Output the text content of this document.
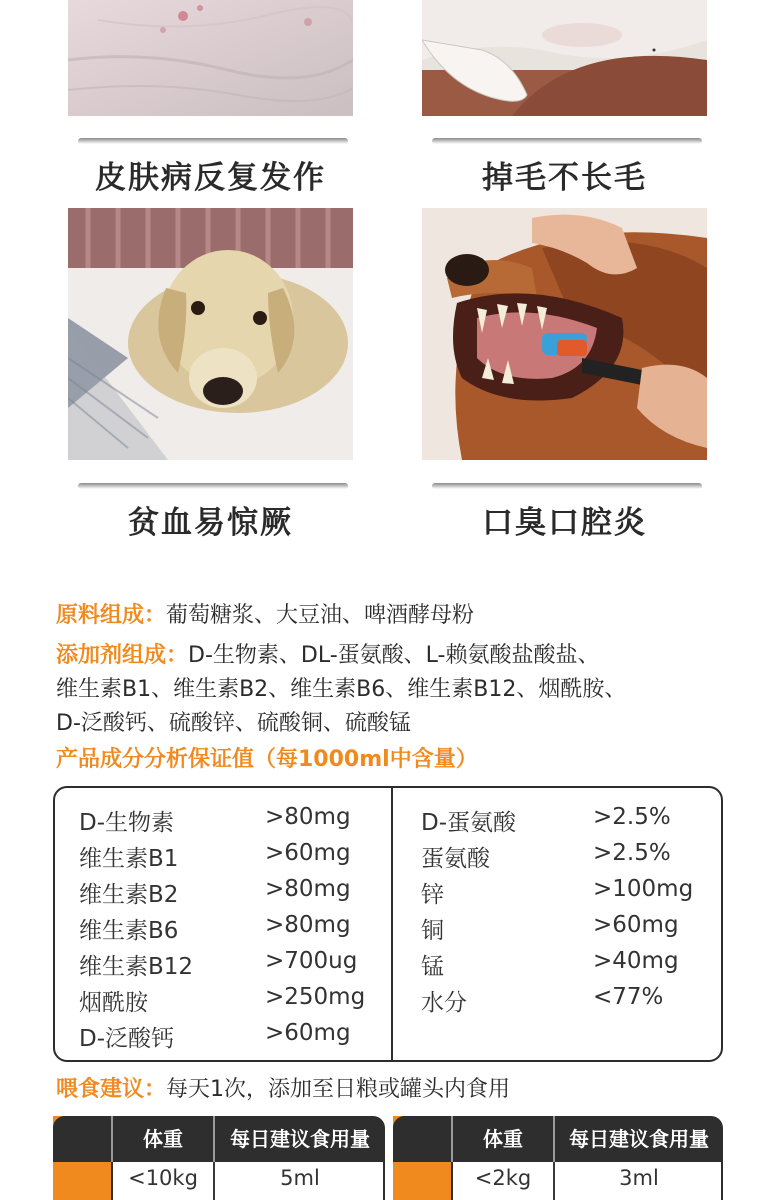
皮肤病反复发作	掉毛不长毛
贫血易惊厥	口臭口腔炎
原料组成：葡萄糖浆、大豆油、啤酒酵母粉
添加剂组成：D-生物素、DL-蛋氨酸、L-赖氨酸盐酸盐、
维生素B1、维生素B2、维生素B6、维生素B12、烟酰胺、
D-泛酸钙、硫酸锌、硫酸铜、硫酸锰
产品成分分析保证值（每1000ml中含量）
D-生物素	>80mg
维生素B1	>60mg
维生素B2	>80mg
维生素B6	>80mg
维生素B12	>700ug
烟酰胺	>250mg
D-泛酸钙	>60mg
D-蛋氨酸	>2.5%
蛋氨酸	>2.5%
锌	>100mg
铜	>60mg
锰	>40mg
水分	<77%
喂食建议：每天1次，添加至日粮或罐头内食用
体重	每日建议食用量
<10kg	5ml
体重	每日建议食用量
<2kg	3ml
